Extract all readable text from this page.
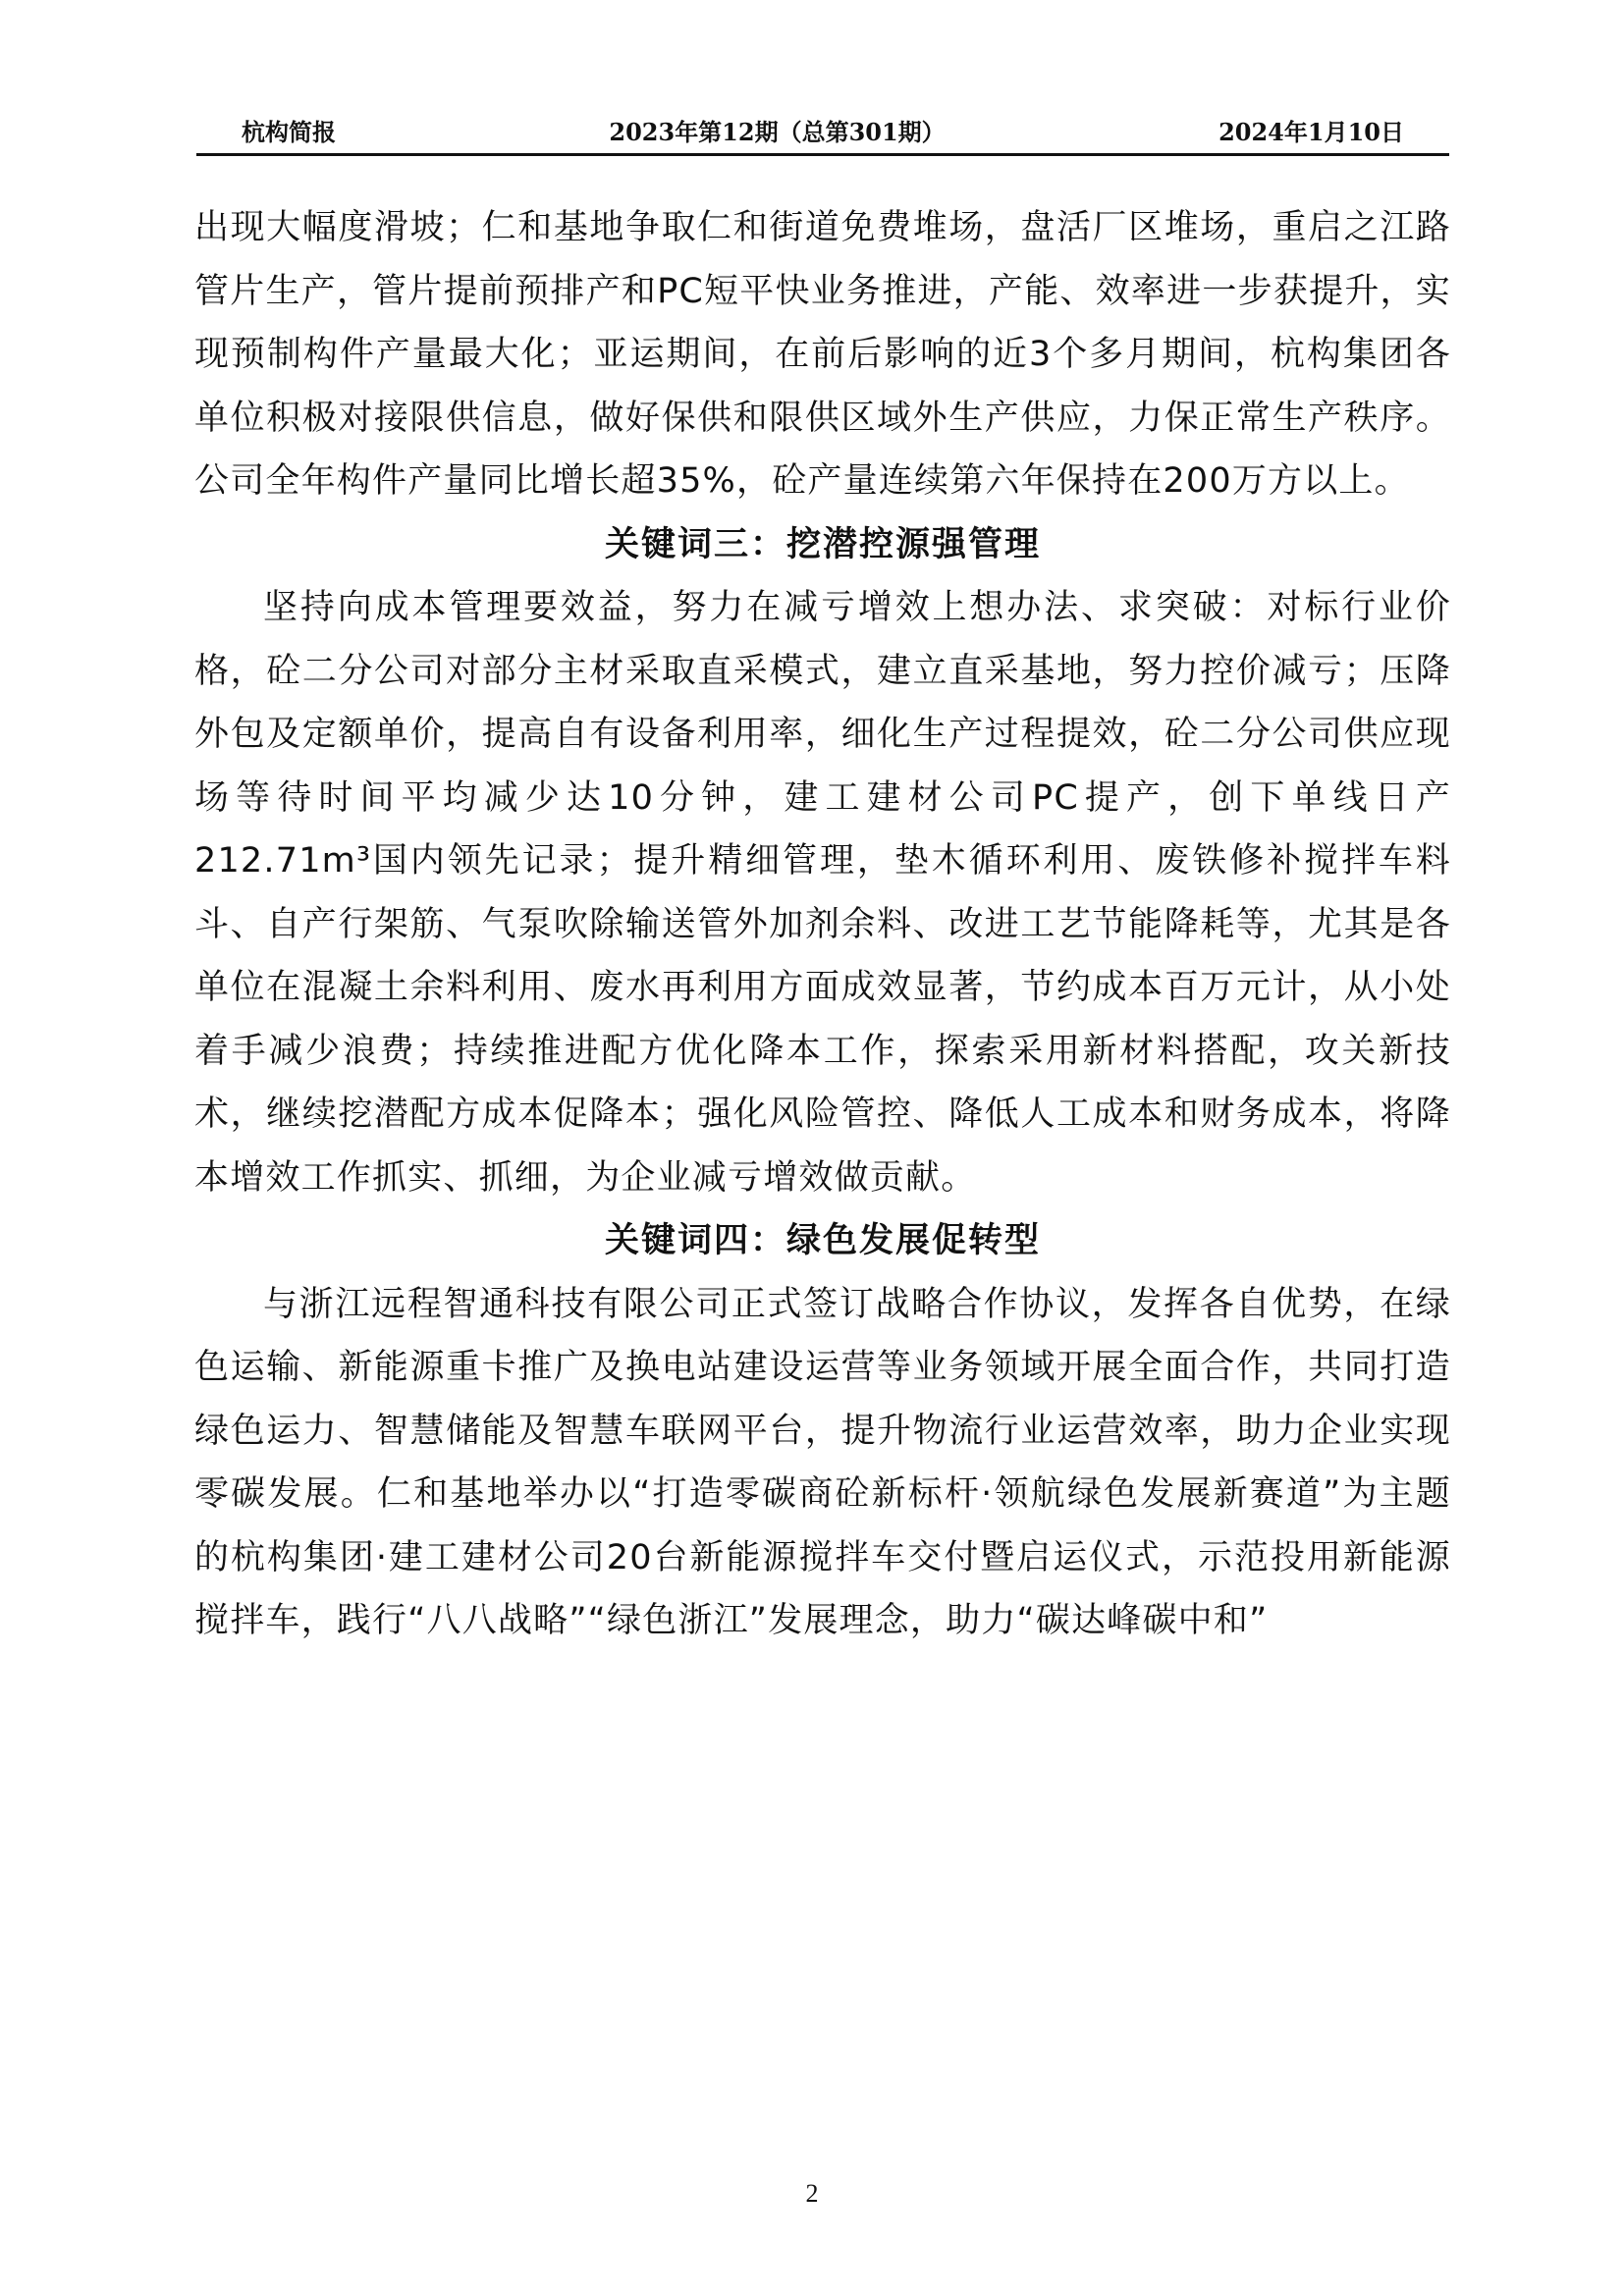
杭构简报	2023年第12期（总第301期）	2024年1月10日

出现大幅度滑坡；仁和基地争取仁和街道免费堆场，盘活厂区堆场，重启之江路管片生产，管片提前预排产和PC短平快业务推进，产能、效率进一步获提升，实现预制构件产量最大化；亚运期间，在前后影响的近3个多月期间，杭构集团各单位积极对接限供信息，做好保供和限供区域外生产供应，力保正常生产秩序。公司全年构件产量同比增长超35%，砼产量连续第六年保持在200万方以上。

关键词三：挖潜控源强管理

坚持向成本管理要效益，努力在减亏增效上想办法、求突破：对标行业价格，砼二分公司对部分主材采取直采模式，建立直采基地，努力控价减亏；压降外包及定额单价，提高自有设备利用率，细化生产过程提效，砼二分公司供应现场等待时间平均减少达10分钟，建工建材公司PC提产，创下单线日产212.71m³国内领先记录；提升精细管理，垫木循环利用、废铁修补搅拌车料斗、自产行架筋、气泵吹除输送管外加剂余料、改进工艺节能降耗等，尤其是各单位在混凝土余料利用、废水再利用方面成效显著，节约成本百万元计，从小处着手减少浪费；持续推进配方优化降本工作，探索采用新材料搭配，攻关新技术，继续挖潜配方成本促降本；强化风险管控、降低人工成本和财务成本，将降本增效工作抓实、抓细，为企业减亏增效做贡献。

关键词四：绿色发展促转型

与浙江远程智通科技有限公司正式签订战略合作协议，发挥各自优势，在绿色运输、新能源重卡推广及换电站建设运营等业务领域开展全面合作，共同打造绿色运力、智慧储能及智慧车联网平台，提升物流行业运营效率，助力企业实现零碳发展。仁和基地举办以“打造零碳商砼新标杆·领航绿色发展新赛道”为主题的杭构集团·建工建材公司20台新能源搅拌车交付暨启运仪式，示范投用新能源搅拌车，践行“八八战略”“绿色浙江”发展理念，助力“碳达峰碳中和”

2
